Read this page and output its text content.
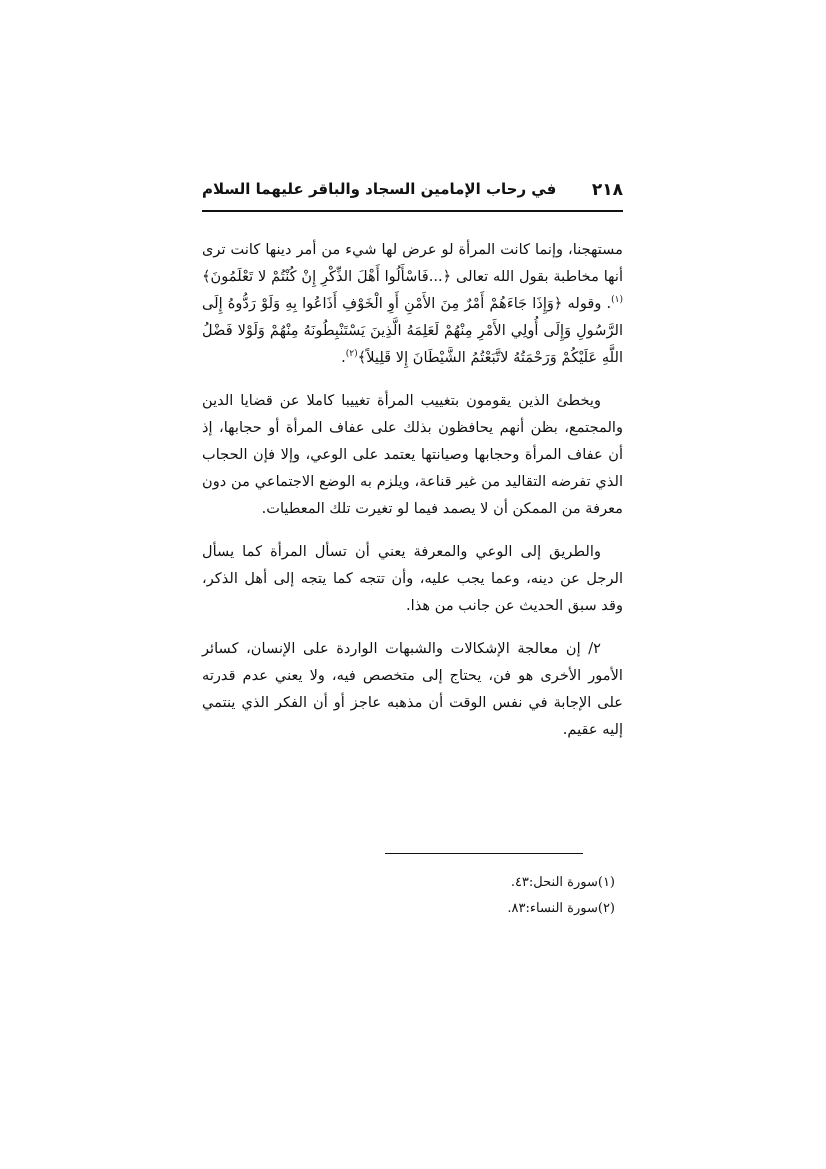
٢١٨
في رحاب الإمامين السجاد والباقر عليهما السلام

مستهجنا، وإنما كانت المرأة لو عرض لها شيء من أمر دينها كانت ترى أنها مخاطبة بقول الله تعالى ﴿...فَاسْأَلُوا أَهْلَ الذِّكْرِ إِنْ كُنْتُمْ لا تَعْلَمُونَ﴾$^{(١)}$. وقوله ﴿وَإِذَا جَاءَهُمْ أَمْرٌ مِنَ الأَمْنِ أَوِ الْخَوْفِ أَذَاعُوا بِهِ وَلَوْ رَدُّوهُ إِلَى الرَّسُولِ وَإِلَى أُولِي الأَمْرِ مِنْهُمْ لَعَلِمَهُ الَّذِينَ يَسْتَنْبِطُونَهُ مِنْهُمْ وَلَوْلا فَضْلُ اللَّهِ عَلَيْكُمْ وَرَحْمَتُهُ لاتَّبَعْتُمُ الشَّيْطَانَ إِلا قَلِيلاً﴾$^{(٢)}$.

ويخطئ الذين يقومون بتغييب المرأة تغييبا كاملا عن قضايا الدين والمجتمع، بظن أنهم يحافظون بذلك على عفاف المرأة أو حجابها، إذ أن عفاف المرأة وحجابها وصيانتها يعتمد على الوعي، وإلا فإن الحجاب الذي تفرضه التقاليد من غير قناعة، ويلزم به الوضع الاجتماعي من دون معرفة من الممكن أن لا يصمد فيما لو تغيرت تلك المعطيات.

والطريق إلى الوعي والمعرفة يعني أن تسأل المرأة كما يسأل الرجل عن دينه، وعما يجب عليه، وأن تتجه كما يتجه إلى أهل الذكر، وقد سبق الحديث عن جانب من هذا.

٢/ إن معالجة الإشكالات والشبهات الواردة على الإنسان، كسائر الأمور الأخرى هو فن، يحتاج إلى متخصص فيه، ولا يعني عدم قدرته على الإجابة في نفس الوقت أن مذهبه عاجز أو أن الفكر الذي ينتمي إليه عقيم.

(١)سورة النحل:٤٣.
(٢)سورة النساء:٨٣.
